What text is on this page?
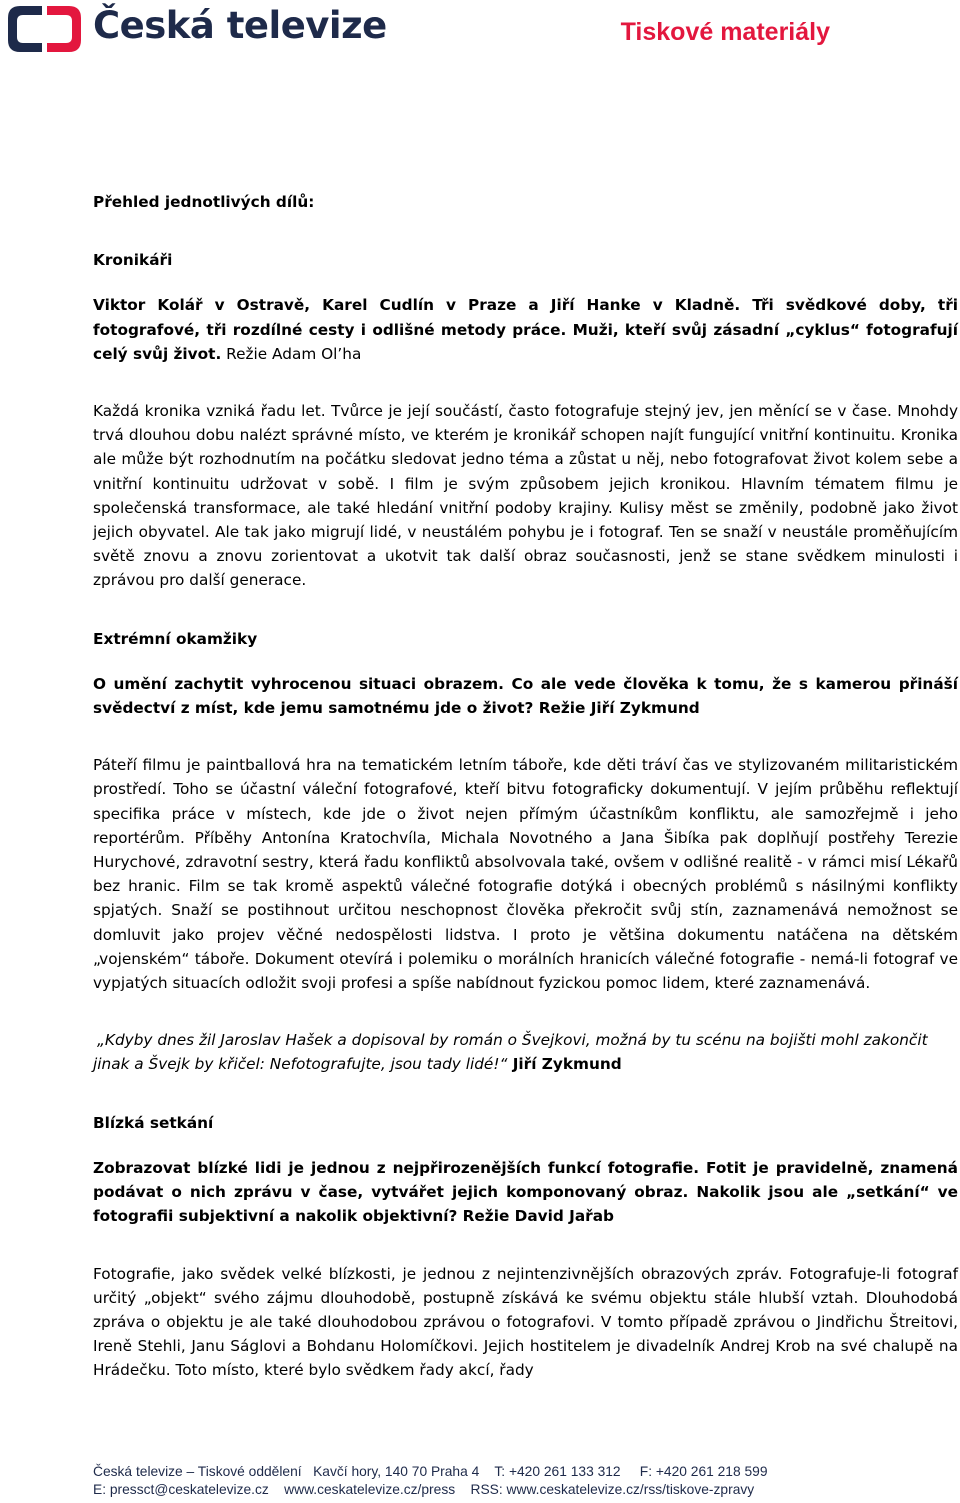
Česká televize	Tiskové materiály

Přehled jednotlivých dílů:

Kronikáři

Viktor Kolář v Ostravě, Karel Cudlín v Praze a Jiří Hanke v Kladně. Tři svědkové doby, tři fotografové, tři rozdílné cesty i odlišné metody práce. Muži, kteří svůj zásadní „cyklus“ fotografují celý svůj život. Režie Adam Ol’ha

Každá kronika vzniká řadu let. Tvůrce je její součástí, často fotografuje stejný jev, jen měnící se v čase. Mnohdy trvá dlouhou dobu nalézt správné místo, ve kterém je kronikář schopen najít fungující vnitřní kontinuitu. Kronika ale může být rozhodnutím na počátku sledovat jedno téma a zůstat u něj, nebo fotografovat život kolem sebe a vnitřní kontinuitu udržovat v sobě. I film je svým způsobem jejich kronikou. Hlavním tématem filmu je společenská transformace, ale také hledání vnitřní podoby krajiny. Kulisy měst se změnily, podobně jako život jejich obyvatel. Ale tak jako migrují lidé, v neustálém pohybu je i fotograf. Ten se snaží v neustále proměňujícím světě znovu a znovu zorientovat a ukotvit tak další obraz současnosti, jenž se stane svědkem minulosti i zprávou pro další generace.

Extrémní okamžiky

O umění zachytit vyhrocenou situaci obrazem. Co ale vede člověka k tomu, že s kamerou přináší svědectví z míst, kde jemu samotnému jde o život? Režie Jiří Zykmund

Páteří filmu je paintballová hra na tematickém letním táboře, kde děti tráví čas ve stylizovaném militaristickém prostředí. Toho se účastní váleční fotografové, kteří bitvu fotograficky dokumentují. V jejím průběhu reflektují specifika práce v místech, kde jde o život nejen přímým účastníkům konfliktu, ale samozřejmě i jeho reportérům. Příběhy Antonína Kratochvíla, Michala Novotného a Jana Šibíka pak doplňují postřehy Terezie Hurychové, zdravotní sestry, která řadu konfliktů absolvovala také, ovšem v odlišné realitě - v rámci misí Lékařů bez hranic. Film se tak kromě aspektů válečné fotografie dotýká i obecných problémů s násilnými konflikty spjatých. Snaží se postihnout určitou neschopnost člověka překročit svůj stín, zaznamenává nemožnost se domluvit jako projev věčné nedospělosti lidstva. I proto je většina dokumentu natáčena na dětském „vojenském“ táboře. Dokument otevírá i polemiku o morálních hranicích válečné fotografie - nemá-li fotograf ve vypjatých situacích odložit svoji profesi a spíše nabídnout fyzickou pomoc lidem, které zaznamenává.

„Kdyby dnes žil Jaroslav Hašek a dopisoval by román o Švejkovi, možná by tu scénu na bojišti mohl zakončit jinak a Švejk by křičel: Nefotografujte, jsou tady lidé!“ Jiří Zykmund

Blízká setkání

Zobrazovat blízké lidi je jednou z nejpřirozenějších funkcí fotografie. Fotit je pravidelně, znamená podávat o nich zprávu v čase, vytvářet jejich komponovaný obraz. Nakolik jsou ale „setkání“ ve fotografii subjektivní a nakolik objektivní? Režie David Jařab

Fotografie, jako svědek velké blízkosti, je jednou z nejintenzivnějších obrazových zpráv. Fotografuje-li fotograf určitý „objekt“ svého zájmu dlouhodobě, postupně získává ke svému objektu stále hlubší vztah. Dlouhodobá zpráva o objektu je ale také dlouhodobou zprávou o fotografovi. V tomto případě zprávou o Jindřichu Štreitovi, Ireně Stehli, Janu Ságlovi a Bohdanu Holomíčkovi. Jejich hostitelem je divadelník Andrej Krob na své chalupě na Hrádečku. Toto místo, které bylo svědkem řady akcí, řady

Česká televize – Tiskové oddělení Kavčí hory, 140 70 Praha 4 T: +420 261 133 312 F: +420 261 218 599
E: pressct@ceskatelevize.cz www.ceskatelevize.cz/press RSS: www.ceskatelevize.cz/rss/tiskove-zpravy
